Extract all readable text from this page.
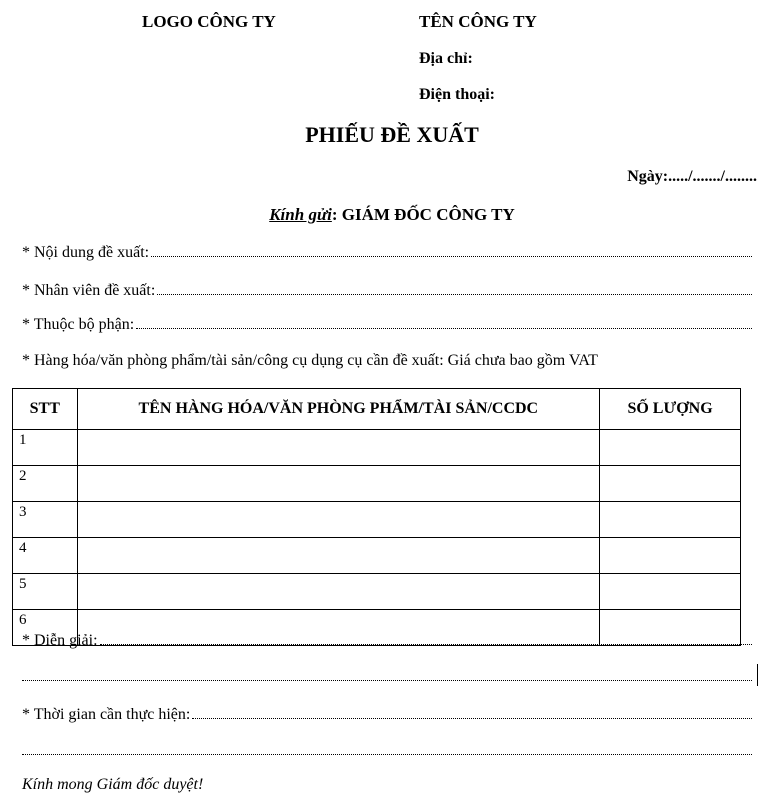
LOGO CÔNG TY	TÊN CÔNG TY
Địa chỉ:
Điện thoại:
PHIẾU ĐỀ XUẤT
Ngày:...../......./........
Kính gửi: GIÁM ĐỐC CÔNG TY
* Nội dung đề xuất:
* Nhân viên đề xuất:
* Thuộc bộ phận:
* Hàng hóa/văn phòng phẩm/tài sản/công cụ dụng cụ cần đề xuất: Giá chưa bao gồm VAT
STT	TÊN HÀNG HÓA/VĂN PHÒNG PHẨM/TÀI SẢN/CCDC	SỐ LƯỢNG
1		
2		
3		
4		
5		
6		
* Diễn giải:
* Thời gian cần thực hiện:
Kính mong Giám đốc duyệt!
